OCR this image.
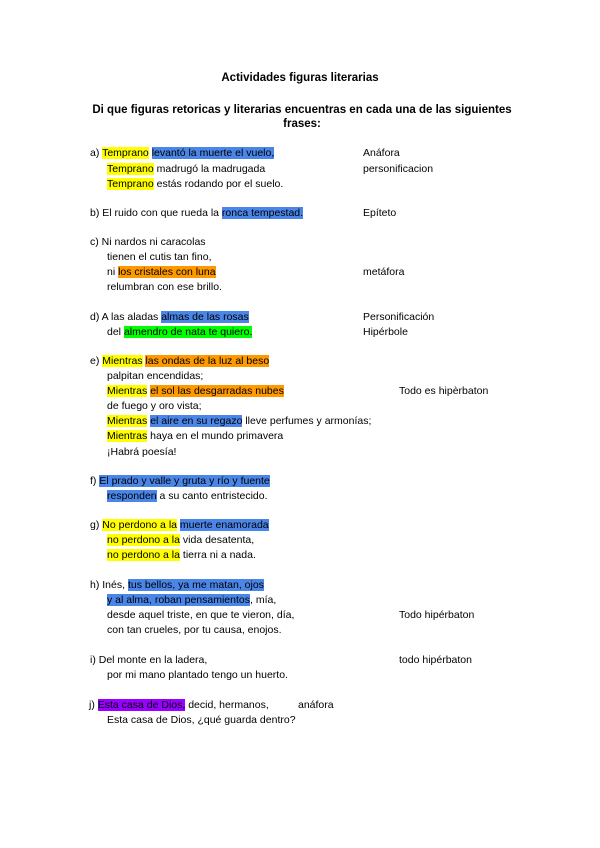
Actividades figuras literarias
Di que figuras retoricas y literarias encuentras en cada una de las siguientes frases:
a) Temprano levantó la muerte el vuelo,
Temprano madrugó la madrugada
Temprano estás rodando por el suelo.
Anáfora
personificacion
b) El ruido con que rueda la ronca tempestad.	Epíteto
c) Ni nardos ni caracolas
tienen el cutis tan fino,
ni los cristales con luna
relumbran con ese brillo.
metáfora
d) A las aladas almas de las rosas
del almendro de nata te quiero.
Personificación
Hipérbole
e) Mientras las ondas de la luz al beso
palpitan encendidas;
Mientras el sol las desgarradas nubes
de fuego y oro vista;
Mientras el aire en su regazo lleve perfumes y armonías;
Mientras haya en el mundo primavera
¡Habrá poesía!
Todo es hipèrbaton
f) El prado y valle y gruta y río y fuente
responden a su canto entristecido.
g) No perdono a la muerte enamorada
no perdono a la vida desatenta,
no perdono a la tierra ni a nada.
h) Inés, tus bellos, ya me matan, ojos
y al alma, roban pensamientos, mía,
desde aquel triste, en que te vieron, día,
con tan crueles, por tu causa, enojos.
Todo hipérbaton
i) Del monte en la ladera,
por mi mano plantado tengo un huerto.
todo hipérbaton
j) Esta casa de Dios, decid, hermanos,	anáfora
Esta casa de Dios, ¿qué guarda dentro?
